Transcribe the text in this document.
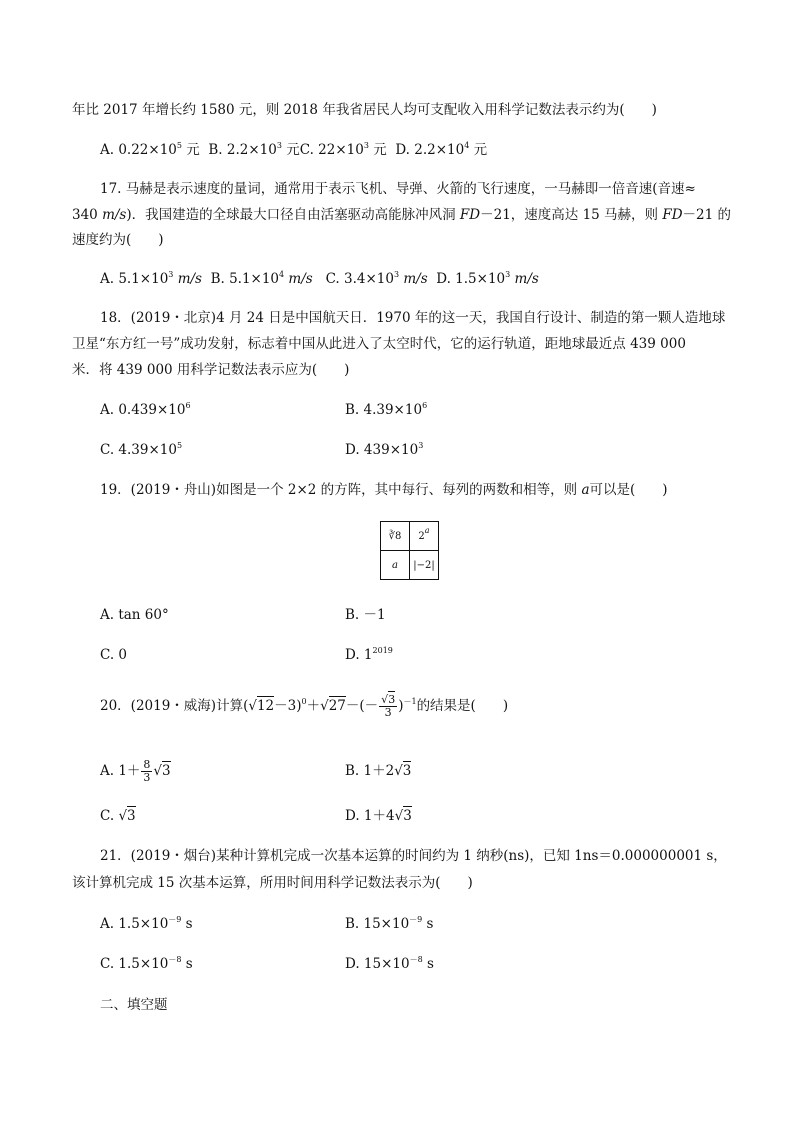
年比 2017 年增长约 1580 元，则 2018 年我省居民人均可支配收入用科学记数法表示约为(　　)
A. $0.22\times 10^5$ 元 B. $2.2\times 10^3$ 元C. $22\times 10^3$ 元 D. $2.2\times 10^4$ 元
17. 马赫是表示速度的量词，通常用于表示飞机、导弹、火箭的飞行速度，一马赫即一倍音速(音速≈
340 m/s)．我国建造的全球最大口径自由活塞驱动高能脉冲风洞 FD－21，速度高达 15 马赫，则 FD－21 的
速度约为(　　)
A. $5.1\times 10^3$ m/s B. $5.1\times 10^4$ m/s C. $3.4\times 10^3$ m/s D. $1.5\times 10^3$ m/s
18．(2019・北京)4 月 24 日是中国航天日．1970 年的这一天，我国自行设计、制造的第一颗人造地球
卫星“东方红一号”成功发射，标志着中国从此进入了太空时代，它的运行轨道，距地球最近点 439 000
米．将 439 000 用科学记数法表示应为(　　)
A. $0.439\times 10^6$	B. $4.39\times 10^6$
C. $4.39\times 10^5$	D. $439\times 10^3$
19．(2019・舟山)如图是一个 2×2 的方阵，其中每行、每列的两数和相等，则 a可以是(　　)
∛8	2$^a$
a	|−2|
A. tan 60°	B. －1
C. 0	D. $1^{2019}$
20．(2019・威海)计算$(√12-3)^0+√27-(- \frac{√3}{3} )^{-1}$的结果是(　　)
A. $1+ \frac{8}{3} √3$	B. 1＋2√3
C. √3	D. 1＋4√3
21．(2019・烟台)某种计算机完成一次基本运算的时间约为 1 纳秒(ns)，已知 1ns＝0.000000001 s，
该计算机完成 15 次基本运算，所用时间用科学记数法表示为(　　)
A. $1.5\times 10^{-9}$ s	B. $15\times 10^{-9}$ s
C. $1.5\times 10^{-8}$ s	D. $15\times 10^{-8}$ s
二、填空题
